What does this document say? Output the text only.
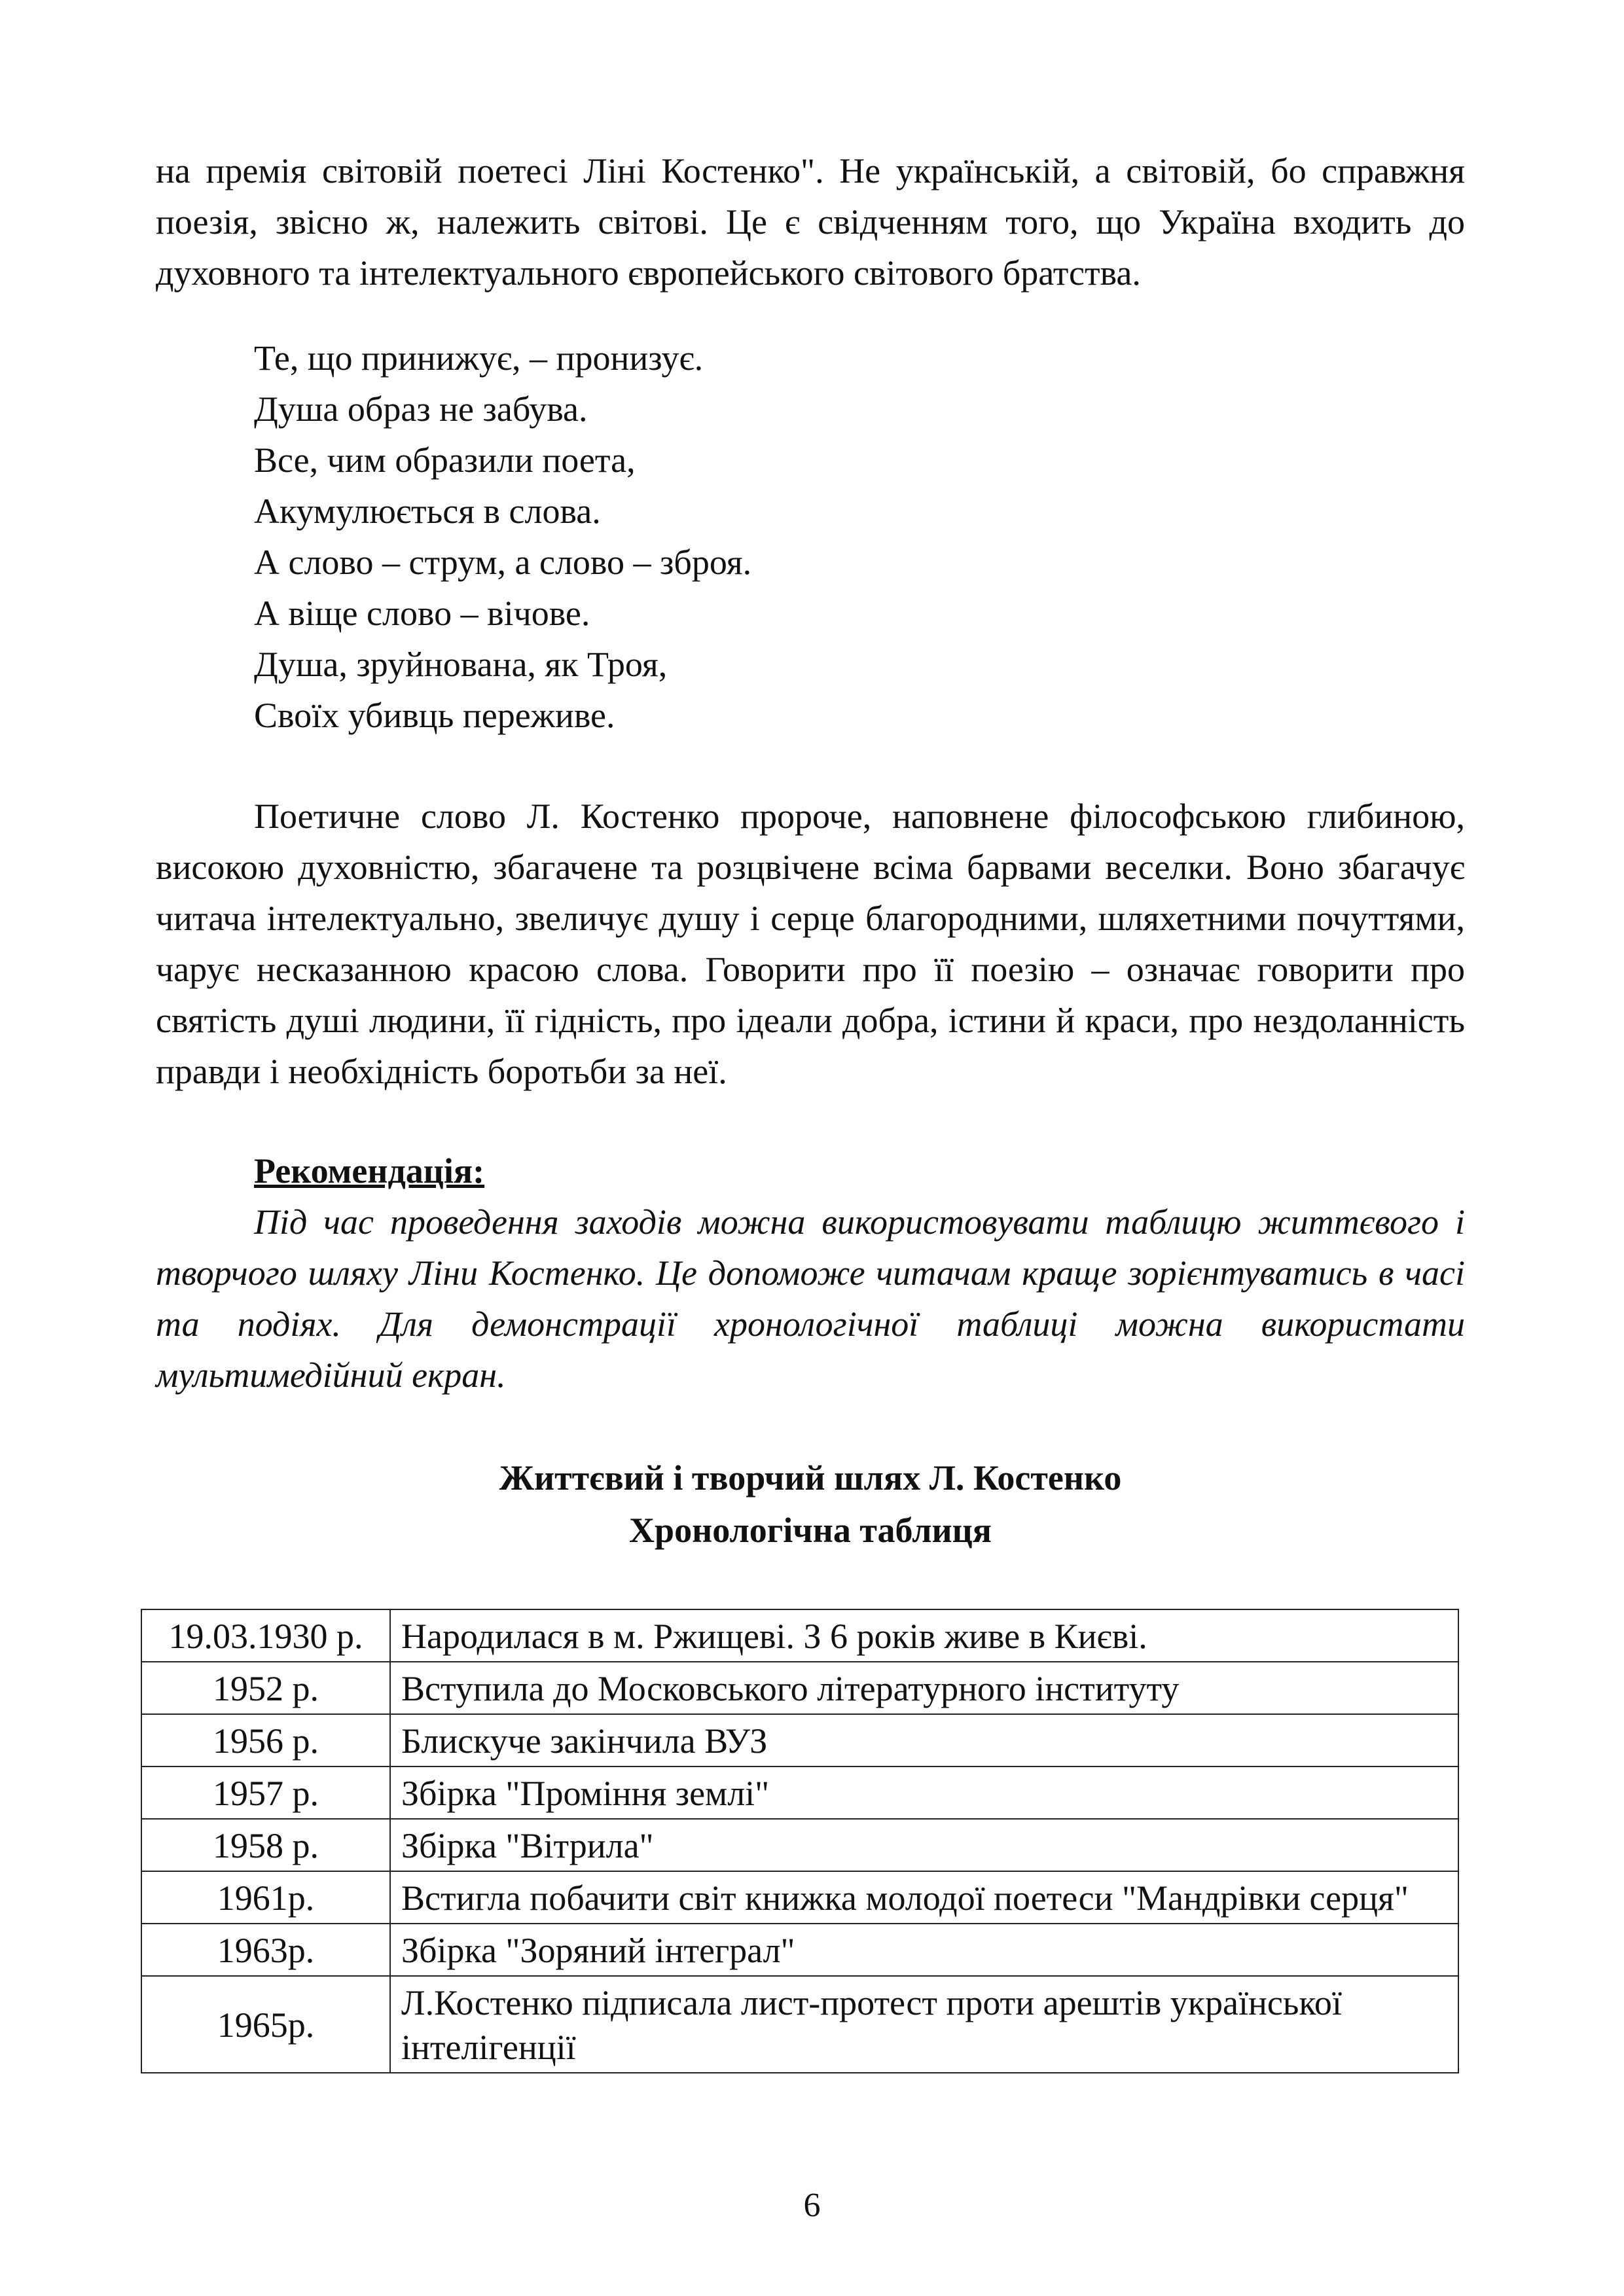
на премія світовій поетесі Ліні Костенко". Не українській, а світовій, бо справжня поезія, звісно ж, належить світові. Це є свідченням того, що Україна входить до духовного та інтелектуального європейського світового братства.

Те, що принижує, – пронизує.
Душа образ не забува.
Все, чим образили поета,
Акумулюється в слова.
А слово – струм, а слово – зброя.
А віще слово – вічове.
Душа, зруйнована, як Троя,
Своїх убивць переживе.

Поетичне слово Л. Костенко пророче, наповнене філософською глибиною, високою духовністю, збагачене та розцвічене всіма барвами веселки. Воно збагачує читача інтелектуально, звеличує душу і серце благородними, шляхетними почуттями, чарує несказанною красою слова. Говорити про її поезію – означає говорити про святість душі людини, її гідність, про ідеали добра, істини й краси, про нездоланність правди і необхідність боротьби за неї.

Рекомендація:

Під час проведення заходів можна використовувати таблицю життєвого і творчого шляху Ліни Костенко. Це допоможе читачам краще зорієнтуватись в часі та подіях. Для демонстрації хронологічної таблиці можна використати мультимедійний екран.

Життєвий і творчий шлях Л. Костенко

Хронологічна таблиця

19.03.1930 р.	Народилася в м. Ржищеві. З 6 років живе в Києві.
1952 р.	Вступила до Московського літературного інституту
1956 р.	Блискуче закінчила ВУЗ
1957 р.	Збірка "Проміння землі"
1958 р.	Збірка "Вітрила"
1961р.	Встигла побачити світ книжка молодої поетеси "Мандрівки серця"
1963р.	Збірка "Зоряний інтеграл"
1965р.	Л.Костенко підписала лист-протест проти арештів української інтелігенції

6
